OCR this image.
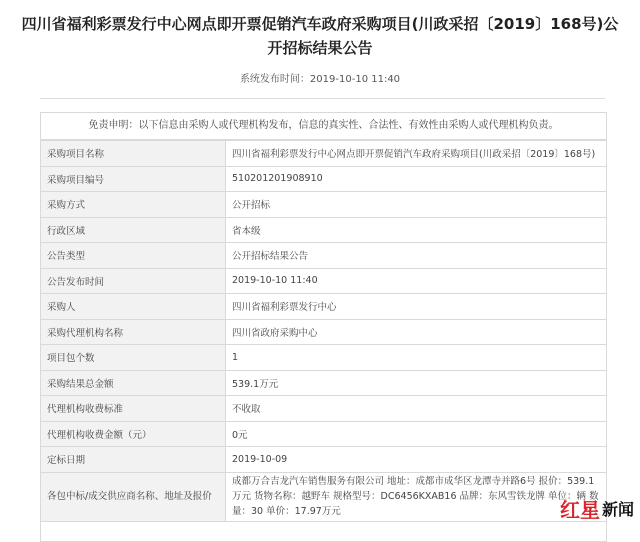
四川省福利彩票发行中心网点即开票促销汽车政府采购项目(川政采招〔2019〕168号)公开招标结果公告
系统发布时间：2019-10-10 11:40
免责申明：以下信息由采购人或代理机构发布，信息的真实性、合法性、有效性由采购人或代理机构负责。
采购项目名称	四川省福利彩票发行中心网点即开票促销汽车政府采购项目(川政采招〔2019〕168号)
采购项目编号	510201201908910
采购方式	公开招标
行政区域	省本级
公告类型	公开招标结果公告
公告发布时间	2019-10-10 11:40
采购人	四川省福利彩票发行中心
采购代理机构名称	四川省政府采购中心
项目包个数	1
采购结果总金额	539.1万元
代理机构收费标准	不收取
代理机构收费金额（元）	0元
定标日期	2019-10-09
各包中标/成交供应商名称、地址及报价	成都万合吉龙汽车销售服务有限公司 地址：成都市成华区龙潭寺并路6号 报价：539.1万元 货物名称：越野车 规格型号：DC6456KXAB16 品牌：东风雪铁龙牌 单位：辆 数量：30 单价：17.97万元	红星 新闻
